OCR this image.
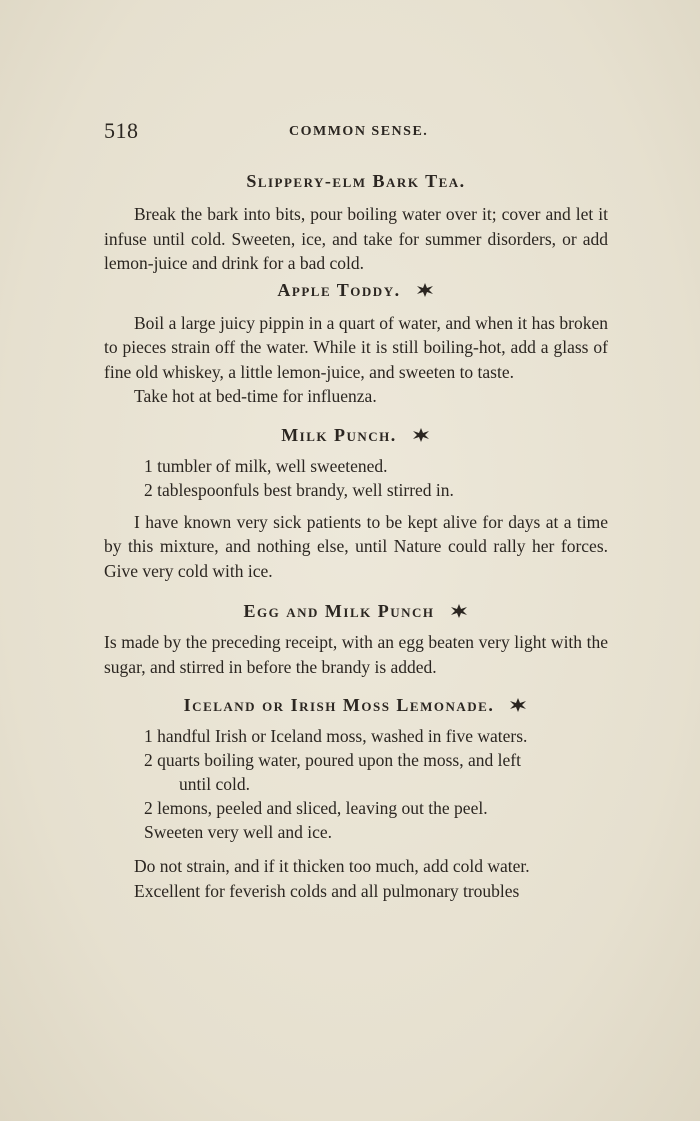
518	COMMON SENSE.
Slippery-elm Bark Tea.

Break the bark into bits, pour boiling water over it; cover and let it infuse until cold. Sweeten, ice, and take for summer disorders, or add lemon-juice and drink for a bad cold.

Apple Toddy.

Boil a large juicy pippin in a quart of water, and when it has broken to pieces strain off the water. While it is still boiling-hot, add a glass of fine old whiskey, a little lemon-juice, and sweeten to taste.

Take hot at bed-time for influenza.

Milk Punch.
1 tumbler of milk, well sweetened.
2 tablespoonfuls best brandy, well stirred in.

I have known very sick patients to be kept alive for days at a time by this mixture, and nothing else, until Nature could rally her forces. Give very cold with ice.

Egg and Milk Punch

Is made by the preceding receipt, with an egg beaten very light with the sugar, and stirred in before the brandy is added.

Iceland or Irish Moss Lemonade.
1 handful Irish or Iceland moss, washed in five waters.
2 quarts boiling water, poured upon the moss, and left
until cold.
2 lemons, peeled and sliced, leaving out the peel.
Sweeten very well and ice.

Do not strain, and if it thicken too much, add cold water.

Excellent for feverish colds and all pulmonary troubles
